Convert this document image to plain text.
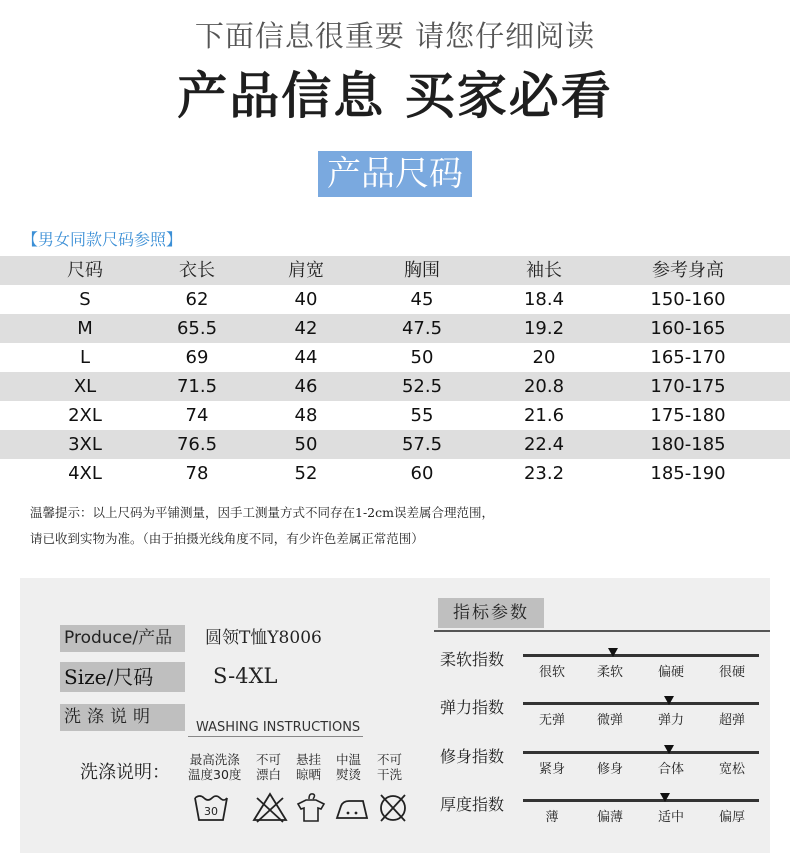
下面信息很重要 请您仔细阅读
产品信息 买家必看
产品尺码
【男女同款尺码参照】
尺码	衣长	肩宽	胸围	袖长	参考身高
S	62	40	45	18.4	150-160
M	65.5	42	47.5	19.2	160-165
L	69	44	50	20	165-170
XL	71.5	46	52.5	20.8	170-175
2XL	74	48	55	21.6	175-180
3XL	76.5	50	57.5	22.4	180-185
4XL	78	52	60	23.2	185-190
温馨提示：以上尺码为平铺测量，因手工测量方式不同存在1-2cm误差属合理范围，
请已收到实物为准。（由于拍摄光线角度不同，有少许色差属正常范围）
Produce/产品	圆领T恤Y8006
Size/尺码	S-4XL
洗涤说明
WASHING INSTRUCTIONS
洗涤说明：
最高洗涤
温度30度
不可
漂白
悬挂
晾晒
中温
熨烫
不可
干洗
30
指标参数
柔软指数
很软 柔软	偏硬	很硬
弹力指数
无弹 微弹	弹力	超弹
修身指数
紧身 修身	合体	宽松
厚度指数
薄	偏薄	适中	偏厚
